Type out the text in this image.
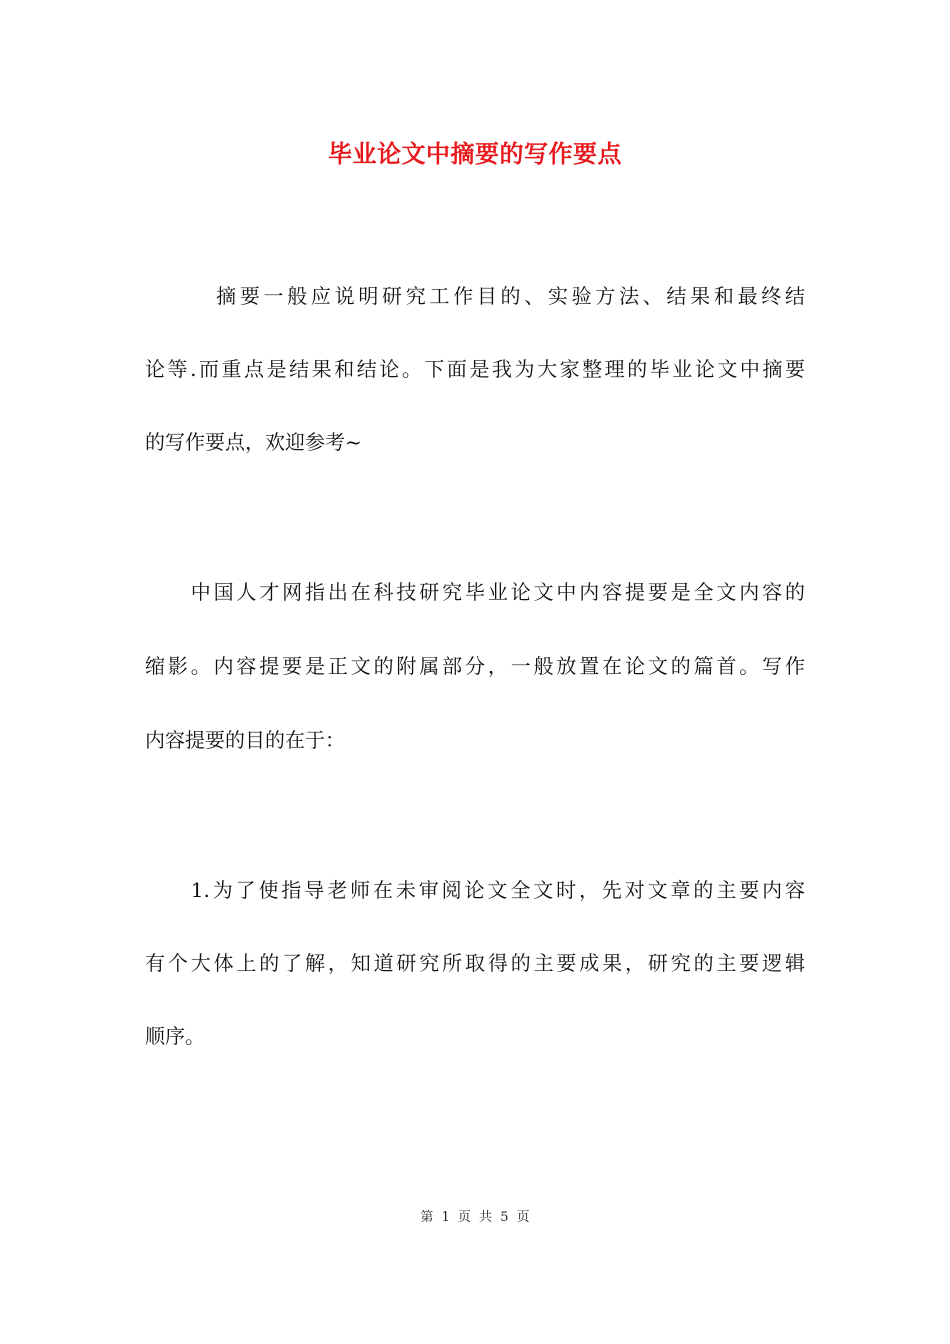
毕业论文中摘要的写作要点
　　　摘要一般应说明研究工作目的、实验方法、结果和最终结
论等.而重点是结果和结论。下面是我为大家整理的毕业论文中摘要
的写作要点，欢迎参考~
　　中国人才网指出在科技研究毕业论文中内容提要是全文内容的
缩影。内容提要是正文的附属部分，一般放置在论文的篇首。写作
内容提要的目的在于：
　　1.为了使指导老师在未审阅论文全文时，先对文章的主要内容
有个大体上的了解，知道研究所取得的主要成果，研究的主要逻辑
顺序。
第 1 页 共 5 页
